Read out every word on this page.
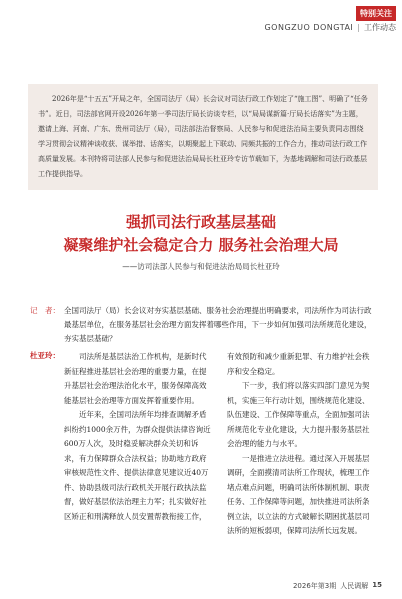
特别关注
GONGZUO DONGTAI | 工作动态
2026年是“十五五”开局之年，全国司法厅（局）长会议对司法行政工作划定了“施工图”、明确了“任务书”。近日，司法部官网开设2026年第一季司法厅局长访谈专栏，以“局局谋新篇·厅局长话落实”为主题，邀请上海、河南、广东、贵州司法厅（局），司法部法治督察局、人民参与和促进法治局主要负责同志围绕学习贯彻会议精神谈收获、谋举措、话落实，以期聚起上下联动、同频共振的工作合力，推动司法行政工作高质量发展。本刊特将司法部人民参与和促进法治局局长杜亚玲专访节载如下，为基地调解和司法行政基层工作提供指导。
强抓司法行政基层基础
凝聚维护社会稳定合力 服务社会治理大局
——访司法部人民参与和促进法治局局长杜亚玲
记　者： 全国司法厅（局）长会议对夯实基层基础、服务社会治理提出明确要求，司法所作为司法行政最基层单位，在服务基层社会治理方面发挥着哪些作用，下一步如何加强司法所规范化建设，夯实基层基础？
杜亚玲：	司法所是基层法治工作机构，是新时代新征程推进基层社会治理的重要力量，在提升基层社会治理法治化水平，服务保障高效能基层社会治理等方面发挥着重要作用。

近年来，全国司法所年均排查调解矛盾纠纷约1000余万件，为群众提供法律咨询近600万人次，及时稳妥解决群众关切和诉求，有力保障群众合法权益；协助地方政府审核规范性文件、提供法律意见建议近40万件、协助县级司法行政机关开展行政执法监督，做好基层依法治理主力军；扎实做好社区矫正和刑满释放人员安置帮教衔接工作，有效预防和减少重新犯罪、有力维护社会秩序和安全稳定。

下一步，我们将以落实四部门意见为契机，实施三年行动计划，围绕规范化建设、队伍建设、工作保障等重点，全面加强司法所规范化专业化建设，大力提升服务基层社会治理的能力与水平。

一是推进立法进程。通过深入开展基层调研，全面摸清司法所工作现状，梳理工作堵点难点问题，明确司法所体制机制、职责任务、工作保障等问题，加快推进司法所条例立法，以立法的方式破解长期困扰基层司法所的短板弱项，保障司法所长远发展。

2026年第3期 人民调解 15
